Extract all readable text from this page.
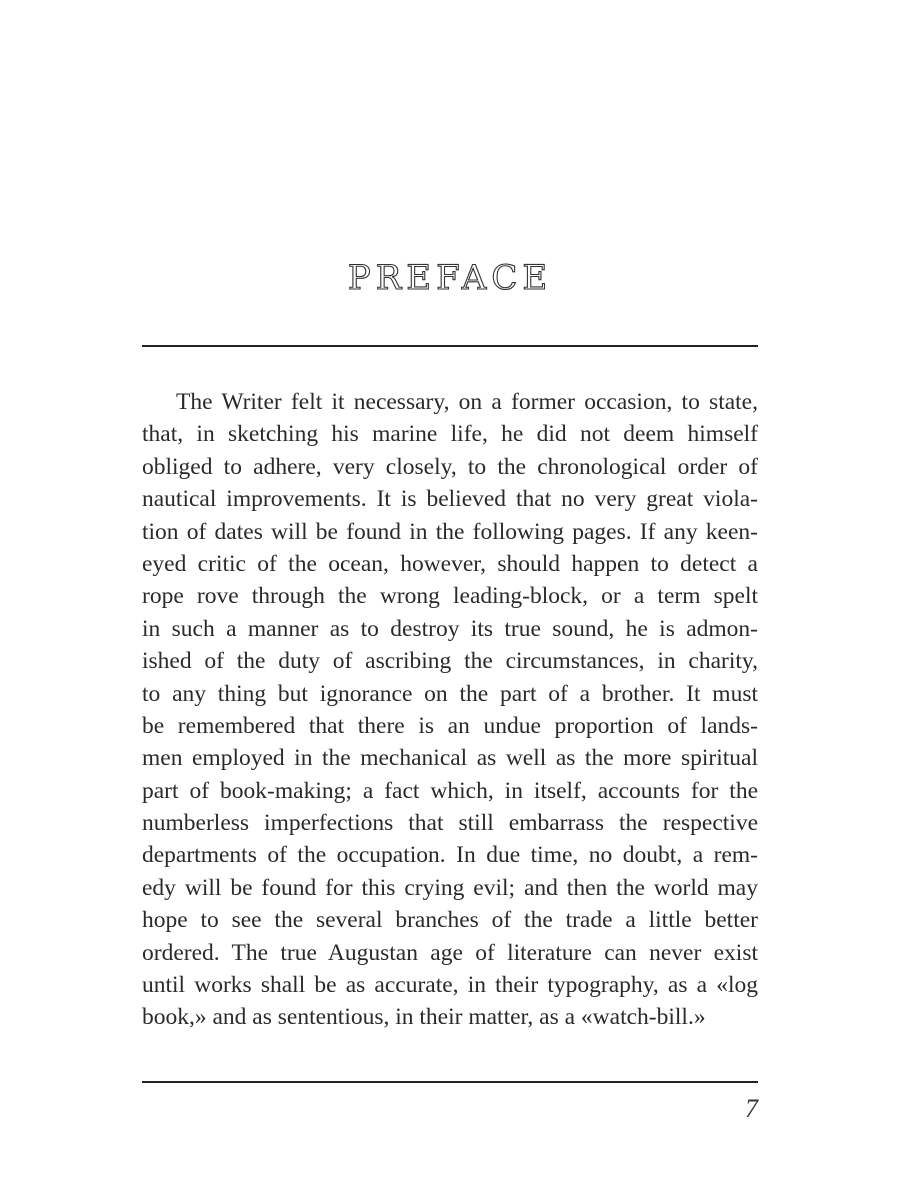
PREFACE
The Writer felt it necessary, on a former occasion, to state,
that, in sketching his marine life, he did not deem himself
obliged to adhere, very closely, to the chronological order of
nautical improvements. It is believed that no very great viola-
tion of dates will be found in the following pages. If any keen-
eyed critic of the ocean, however, should happen to detect a
rope rove through the wrong leading-block, or a term spelt
in such a manner as to destroy its true sound, he is admon-
ished of the duty of ascribing the circumstances, in charity,
to any thing but ignorance on the part of a brother. It must
be remembered that there is an undue proportion of lands-
men employed in the mechanical as well as the more spiritual
part of book-making; a fact which, in itself, accounts for the
numberless imperfections that still embarrass the respective
departments of the occupation. In due time, no doubt, a rem-
edy will be found for this crying evil; and then the world may
hope to see the several branches of the trade a little better
ordered. The true Augustan age of literature can never exist
until works shall be as accurate, in their typography, as a «log
book,» and as sententious, in their matter, as a «watch-bill.»
7
